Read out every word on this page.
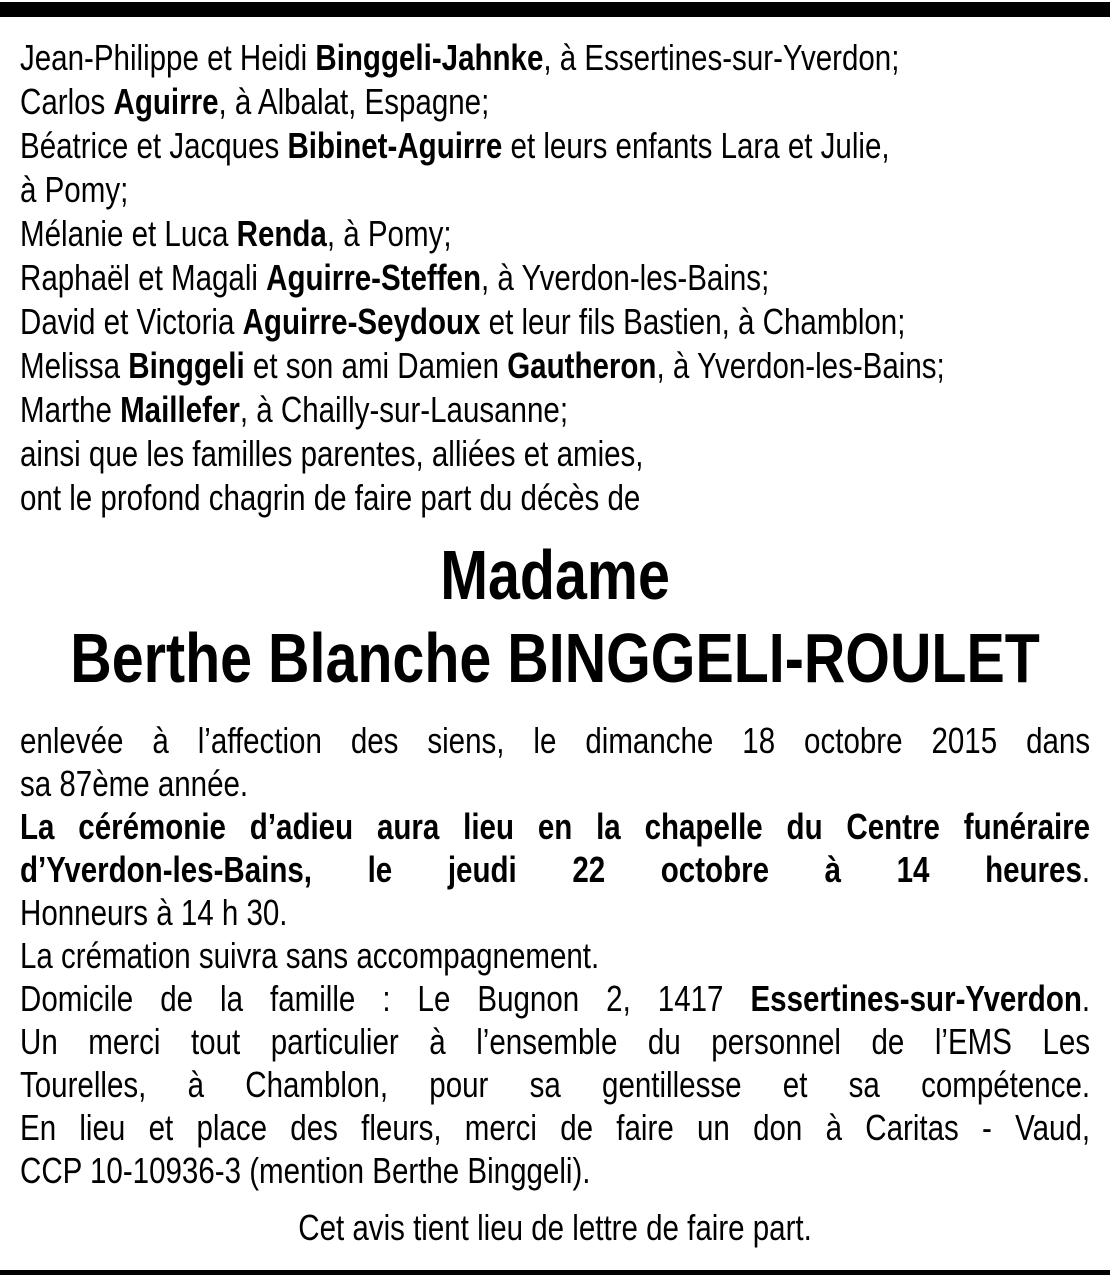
Jean-Philippe et Heidi Binggeli-Jahnke, à Essertines-sur-Yverdon;
Carlos Aguirre, à Albalat, Espagne;
Béatrice et Jacques Bibinet-Aguirre et leurs enfants Lara et Julie,
à Pomy;
Mélanie et Luca Renda, à Pomy;
Raphaël et Magali Aguirre-Steffen, à Yverdon-les-Bains;
David et Victoria Aguirre-Seydoux et leur fils Bastien, à Chamblon;
Melissa Binggeli et son ami Damien Gautheron, à Yverdon-les-Bains;
Marthe Maillefer, à Chailly-sur-Lausanne;
ainsi que les familles parentes, alliées et amies,
ont le profond chagrin de faire part du décès de
Madame
Berthe Blanche BINGGELI-ROULET
enlevée à l’affection des siens, le dimanche 18 octobre 2015 dans
sa 87ème année.
La cérémonie d’adieu aura lieu en la chapelle du Centre funéraire
d’Yverdon-les-Bains, le jeudi 22 octobre à 14 heures.
Honneurs à 14 h 30.
La crémation suivra sans accompagnement.
Domicile de la famille : Le Bugnon 2, 1417 Essertines-sur-Yverdon.
Un merci tout particulier à l’ensemble du personnel de l’EMS Les
Tourelles, à Chamblon, pour sa gentillesse et sa compétence.
En lieu et place des fleurs, merci de faire un don à Caritas - Vaud,
CCP 10-10936-3 (mention Berthe Binggeli).
Cet avis tient lieu de lettre de faire part.
